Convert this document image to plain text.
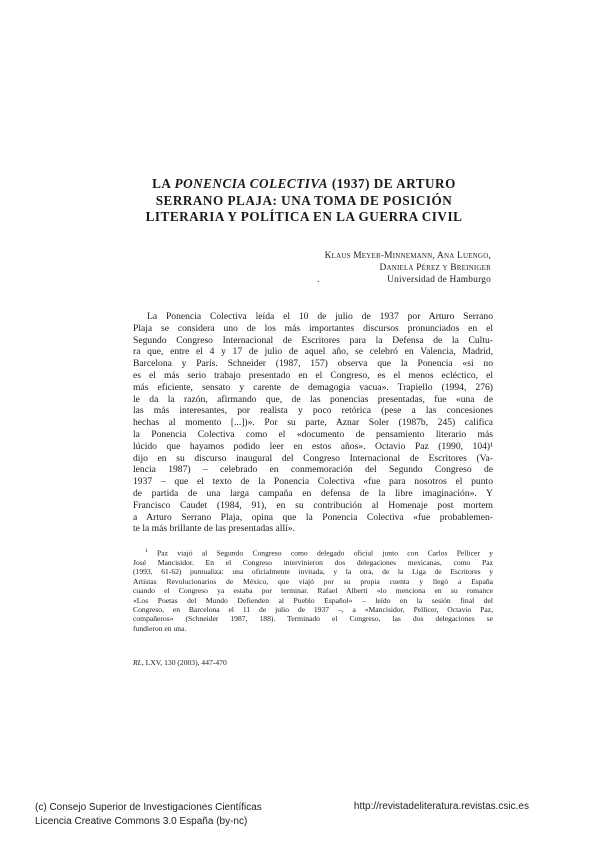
LA PONENCIA COLECTIVA (1937) DE ARTURO
SERRANO PLAJA: UNA TOMA DE POSICIÓN
LITERARIA Y POLÍTICA EN LA GUERRA CIVIL
Klaus Meyer-Minnemann, Ana Luengo,
Daniela Pérez y Breiniger
.	Universidad de Hamburgo
La Ponencia Colectiva leída el 10 de julio de 1937 por Arturo Serrano
Plaja se considera uno de los más importantes discursos pronunciados en el
Segundo Congreso Internacional de Escritores para la Defensa de la Cultu-
ra que, entre el 4 y 17 de julio de aquel año, se celebró en Valencia, Madrid,
Barcelona y París. Schneider (1987, 157) observa que la Ponencia «si no
es el más serio trabajo presentado en el Congreso, es el menos ecléctico, el
más eficiente, sensato y carente de demagogia vacua». Trapiello (1994, 276)
le da la razón, afirmando que, de las ponencias presentadas, fue «una de
las más interesantes, por realista y poco retórica (pese a las concesiones
hechas al momento [...])». Por su parte, Aznar Soler (1987b, 245) califica
la Ponencia Colectiva como el «documento de pensamiento literario más
lúcido que hayamos podido leer en estos años». Octavio Paz (1990, 104)¹
dijo en su discurso inaugural del Congreso Internacional de Escritores (Va-
lencia 1987) – celebrado en conmemoración del Segundo Congreso de
1937 – que el texto de la Ponencia Colectiva «fue para nosotros el punto
de partida de una larga campaña en defensa de la libre imaginación». Y
Francisco Caudet (1984, 91), en su contribución al Homenaje post mortem
a Arturo Serrano Plaja, opina que la Ponencia Colectiva «fue probablemen-
te la más brillante de las presentadas allí».
$^1$ Paz viajó al Segundo Congreso como delegado oficial junto con Carlos Pellicer y
José Mancisidor. En el Congreso intervinieron dos delegaciones mexicanas, como Paz
(1993, 61-62) puntualiza: una oficialmente invitada, y la otra, de la Liga de Escritores y
Artistas Revolucionarios de México, que viajó por su propia cuenta y llegó a España
cuando el Congreso ya estaba por terminar. Rafael Alberti «lo menciona en su romance
«Los Poetas del Mundo Defienden al Pueblo Español» – leído en la sesión final del
Congreso, en Barcelona el 11 de julio de 1937 –, a «Mancisidor, Pellicer, Octavio Paz,
compañeros» (Schneider 1987, 188). Terminado el Congreso, las dos delegaciones se
fundieron en una.
RL, LXV, 130 (2003), 447-470
(c) Consejo Superior de Investigaciones Científicas
Licencia Creative Commons 3.0 España (by-nc)
http://revistadeliteratura.revistas.csic.es
